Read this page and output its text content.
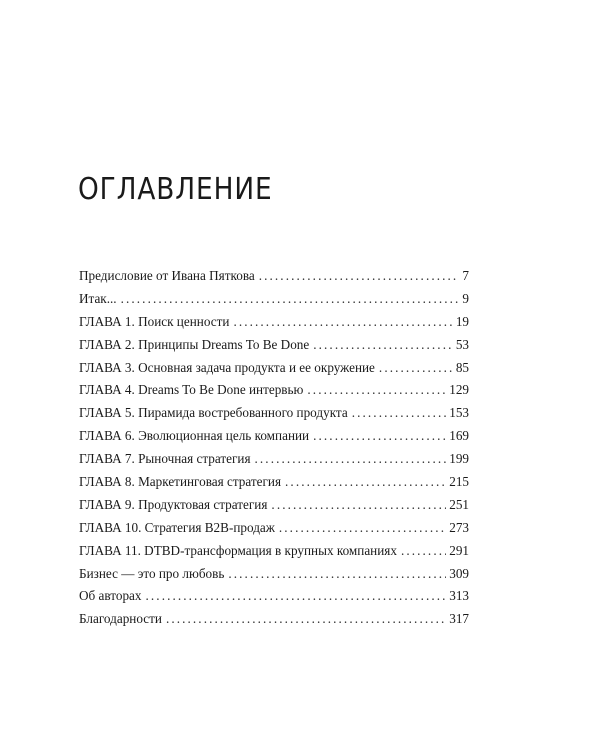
ОГЛАВЛЕНИЕ
Предисловие от Ивана Пяткова . . .	7
Итак... . . .	9
ГЛАВА 1. Поиск ценности . . .	19
ГЛАВА 2. Принципы Dreams To Be Done . . .	53
ГЛАВА 3. Основная задача продукта и ее окружение . . .	85
ГЛАВА 4. Dreams To Be Done интервью . . .	129
ГЛАВА 5. Пирамида востребованного продукта . . .	153
ГЛАВА 6. Эволюционная цель компании . . .	169
ГЛАВА 7. Рыночная стратегия . . .	199
ГЛАВА 8. Маркетинговая стратегия . . .	215
ГЛАВА 9. Продуктовая стратегия . . .	251
ГЛАВА 10. Стратегия B2B-продаж . . .	273
ГЛАВА 11. DTBD-трансформация в крупных компаниях . . .	291
Бизнес — это про любовь . . .	309
Об авторах . . .	313
Благодарности . . .	317
